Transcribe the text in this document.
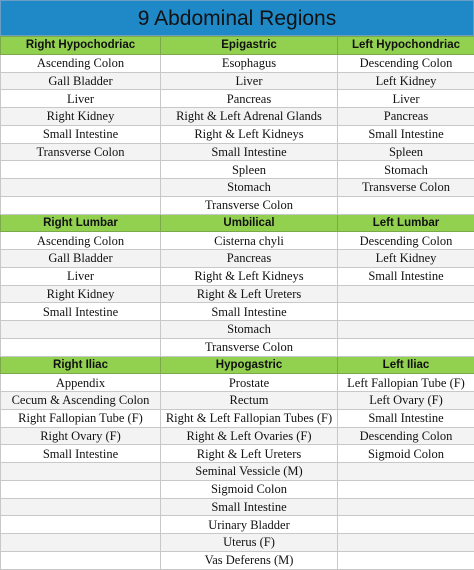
9 Abdominal Regions
Right Hypochodriac	Epigastric	Left Hypochondriac
Ascending Colon	Esophagus	Descending Colon
Gall Bladder	Liver	Left Kidney
Liver	Pancreas	Liver
Right Kidney	Right & Left Adrenal Glands	Pancreas
Small Intestine	Right & Left Kidneys	Small Intestine
Transverse Colon	Small Intestine	Spleen
	Spleen	Stomach
	Stomach	Transverse Colon
	Transverse Colon	
Right Lumbar	Umbilical	Left Lumbar
Ascending Colon	Cisterna chyli	Descending Colon
Gall Bladder	Pancreas	Left Kidney
Liver	Right & Left Kidneys	Small Intestine
Right Kidney	Right & Left Ureters	
Small Intestine	Small Intestine	
	Stomach	
	Transverse Colon	
Right Iliac	Hypogastric	Left Iliac
Appendix	Prostate	Left Fallopian Tube (F)
Cecum & Ascending Colon	Rectum	Left Ovary (F)
Right Fallopian Tube (F)	Right & Left Fallopian Tubes (F)	Small Intestine
Right Ovary (F)	Right & Left Ovaries (F)	Descending Colon
Small Intestine	Right & Left Ureters	Sigmoid Colon
	Seminal Vessicle (M)	
	Sigmoid Colon	
	Small Intestine	
	Urinary Bladder	
	Uterus (F)	
	Vas Deferens (M)	
